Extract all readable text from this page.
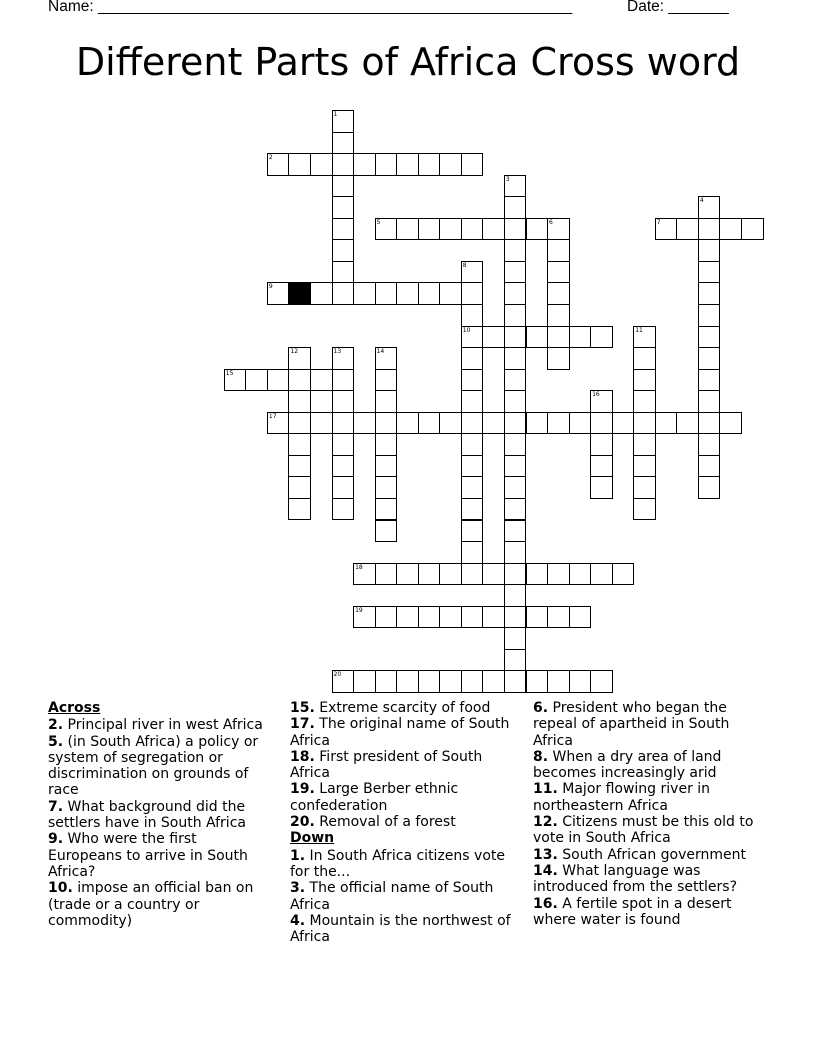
Name: _______________________________________________________	Date: _______
Different Parts of Africa Cross word
1
2
3
4
5	6	7
8
10
9
11
12	13	14
15
16
17
18
19
20
Across
2. Principal river in west Africa
5. (in South Africa) a policy or system of segregation or discrimination on grounds of race
7. What background did the settlers have in South Africa
9. Who were the first Europeans to arrive in South Africa?
10. impose an official ban on (trade or a country or commodity)
15. Extreme scarcity of food
17. The original name of South Africa
18. First president of South Africa
19. Large Berber ethnic confederation
20. Removal of a forest
Down
1. In South Africa citizens vote for the...
3. The official name of South Africa
4. Mountain is the northwest of Africa
6. President who began the repeal of apartheid in South Africa
8. When a dry area of land becomes increasingly arid
11. Major flowing river in northeastern Africa
12. Citizens must be this old to vote in South Africa
13. South African government
14. What language was introduced from the settlers?
16. A fertile spot in a desert where water is found
